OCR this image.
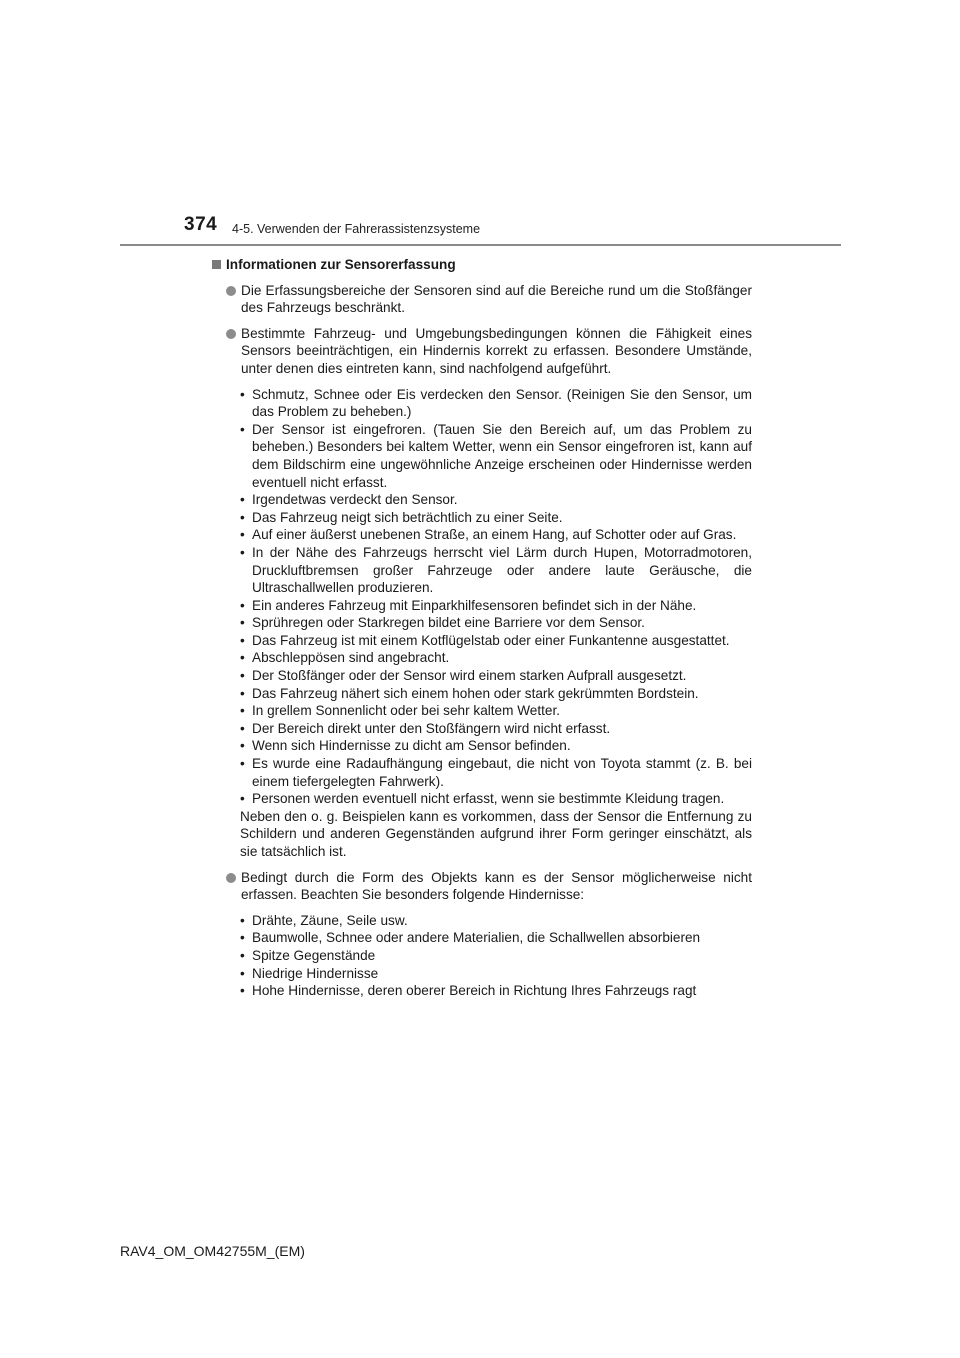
374 4-5. Verwenden der Fahrerassistenzsysteme
Informationen zur Sensorerfassung
Die Erfassungsbereiche der Sensoren sind auf die Bereiche rund um die Stoßfänger des Fahrzeugs beschränkt.
Bestimmte Fahrzeug- und Umgebungsbedingungen können die Fähigkeit eines Sensors beeinträchtigen, ein Hindernis korrekt zu erfassen. Besondere Umstände, unter denen dies eintreten kann, sind nachfolgend aufgeführt.
• Schmutz, Schnee oder Eis verdecken den Sensor. (Reinigen Sie den Sensor, um das Problem zu beheben.)
• Der Sensor ist eingefroren. (Tauen Sie den Bereich auf, um das Problem zu beheben.) Besonders bei kaltem Wetter, wenn ein Sensor eingefroren ist, kann auf dem Bildschirm eine ungewöhnliche Anzeige erscheinen oder Hindernisse werden eventuell nicht erfasst.
• Irgendetwas verdeckt den Sensor.
• Das Fahrzeug neigt sich beträchtlich zu einer Seite.
• Auf einer äußerst unebenen Straße, an einem Hang, auf Schotter oder auf Gras.
• In der Nähe des Fahrzeugs herrscht viel Lärm durch Hupen, Motorradmotoren, Druckluftbremsen großer Fahrzeuge oder andere laute Geräusche, die Ultraschallwellen produzieren.
• Ein anderes Fahrzeug mit Einparkhilfesensoren befindet sich in der Nähe.
• Sprühregen oder Starkregen bildet eine Barriere vor dem Sensor.
• Das Fahrzeug ist mit einem Kotflügelstab oder einer Funkantenne ausgestattet.
• Abschleppösen sind angebracht.
• Der Stoßfänger oder der Sensor wird einem starken Aufprall ausgesetzt.
• Das Fahrzeug nähert sich einem hohen oder stark gekrümmten Bordstein.
• In grellem Sonnenlicht oder bei sehr kaltem Wetter.
• Der Bereich direkt unter den Stoßfängern wird nicht erfasst.
• Wenn sich Hindernisse zu dicht am Sensor befinden.
• Es wurde eine Radaufhängung eingebaut, die nicht von Toyota stammt (z. B. bei einem tiefergelegten Fahrwerk).
• Personen werden eventuell nicht erfasst, wenn sie bestimmte Kleidung tragen.
Neben den o. g. Beispielen kann es vorkommen, dass der Sensor die Entfernung zu Schildern und anderen Gegenständen aufgrund ihrer Form geringer einschätzt, als sie tatsächlich ist.
Bedingt durch die Form des Objekts kann es der Sensor möglicherweise nicht erfassen. Beachten Sie besonders folgende Hindernisse:
• Drähte, Zäune, Seile usw.
• Baumwolle, Schnee oder andere Materialien, die Schallwellen absorbieren
• Spitze Gegenstände
• Niedrige Hindernisse
• Hohe Hindernisse, deren oberer Bereich in Richtung Ihres Fahrzeugs ragt
RAV4_OM_OM42755M_(EM)
